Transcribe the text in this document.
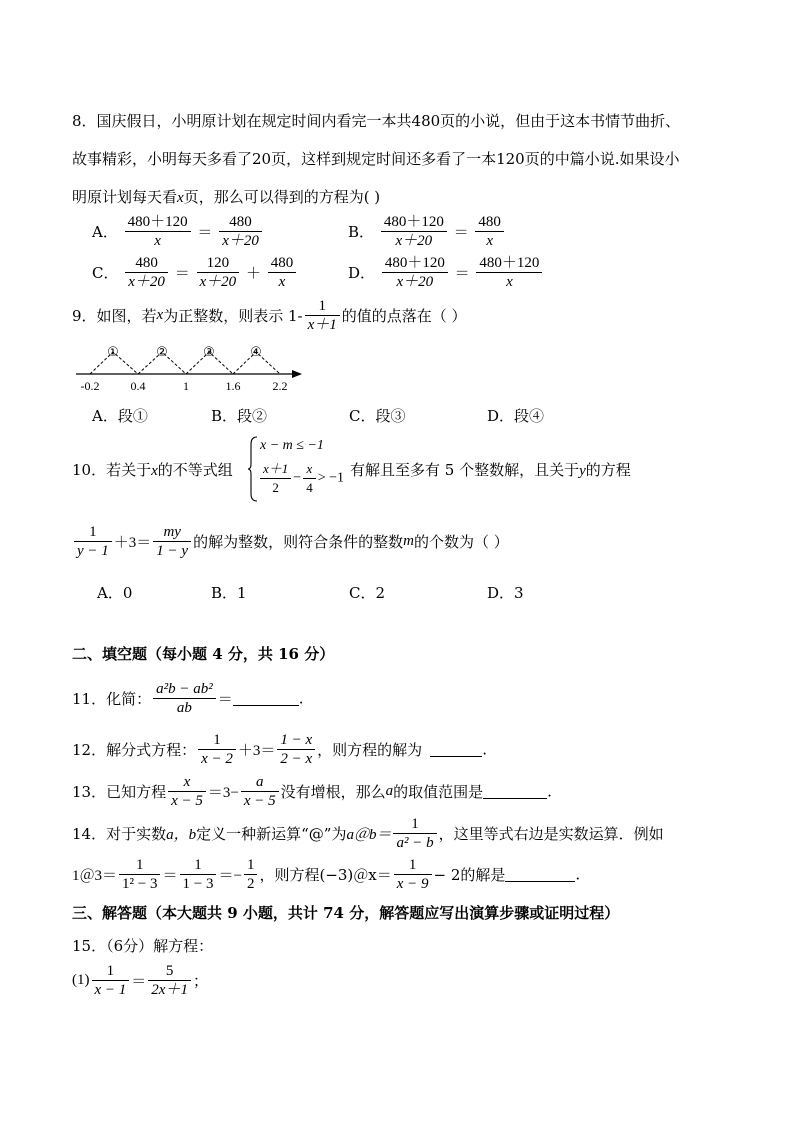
8．国庆假日，小明原计划在规定时间内看完一本共480页的小说，但由于这本书情节曲折、
故事精彩，小明每天多看了20页，这样到规定时间还多看了一本120页的中篇小说.如果设小
明原计划每天看x页，那么可以得到的方程为( )
A． $\frac{480+120}{x} = \frac{480}{x+20}$	B． $\frac{480+120}{x+20} = \frac{480}{x}$
C． $\frac{480}{x+20} = \frac{120}{x+20} + \frac{480}{x}$	D． $\frac{480+120}{x+20} = \frac{480+120}{x}$
9．如图，若x为正整数，则表示 $1- \frac{1}{x+1}$ 的值的点落在（ ）
①	②	③	④
-0.2	0.4	1	1.6	2.2
A．段①	B．段②	C．段③	D．段④
10．若关于x的不等式组
x − m ≤ −1
$\frac{x+1}{2} - \frac{x}{4} > -1$ 有解且至多有 5 个整数解，且关于y的方程
$\frac{1}{y - 1} +3= \frac{my}{1 - y}$ 的解为整数，则符合条件的整数m的个数为（ ）
A．0	B．1	C．2	D．3
二、填空题（每小题 4 分，共 16 分）
11．化简： $\frac{\text{a²b − ab²}}{ab}$ ＝	.
12．解分式方程： $\frac{1}{x - 2} +3= \frac{1 - x}{2 - x}$ ，则方程的解为	.
13．已知方程 $\frac{x}{x - 5} =3- \frac{a}{x - 5}$ 没有增根，那么a的取值范围是	.
14．对于实数a，b定义一种新运算“@”为a＠b＝ $\frac{1}{\text{a² − b}}$ ，这里等式右边是实数运算．例如
1＠3＝ $\frac{1}{\text{1² − 3}} = \frac{1}{1 - 3} =- \frac{1}{2}$ ，则方程(−3)＠x＝ $\frac{1}{x - 9} - 2$的解是	.
三、解答题（本大题共 9 小题，共计 74 分，解答题应写出演算步骤或证明过程）
15．（6分）解方程：
$(1) \frac{1}{x - 1} = \frac{5}{2x+1}$ ；
